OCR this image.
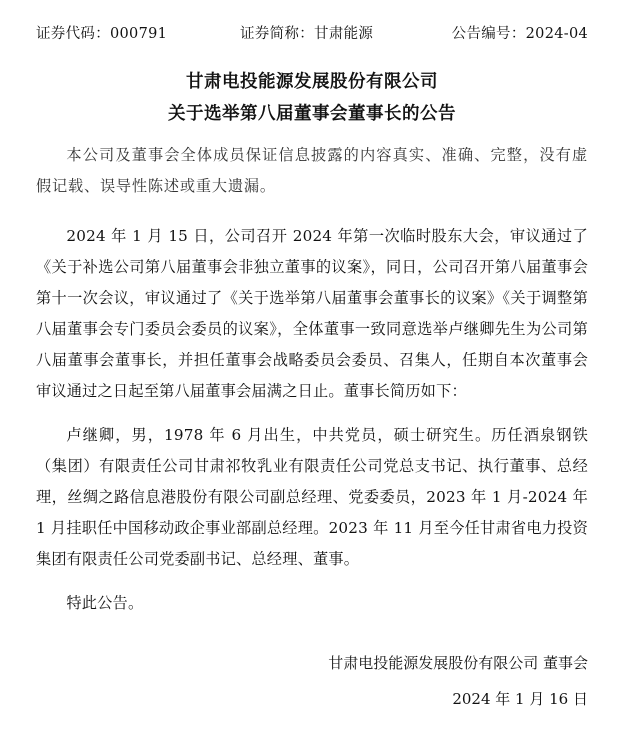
证券代码：000791	证券简称：甘肃能源	公告编号：2024-04
甘肃电投能源发展股份有限公司
关于选举第八届董事会董事长的公告

本公司及董事会全体成员保证信息披露的内容真实、准确、完整，没有虚假记载、误导性陈述或重大遗漏。

2024 年 1 月 15 日，公司召开 2024 年第一次临时股东大会，审议通过了《关于补选公司第八届董事会非独立董事的议案》，同日，公司召开第八届董事会第十一次会议，审议通过了《关于选举第八届董事会董事长的议案》《关于调整第八届董事会专门委员会委员的议案》，全体董事一致同意选举卢继卿先生为公司第八届董事会董事长，并担任董事会战略委员会委员、召集人，任期自本次董事会审议通过之日起至第八届董事会届满之日止。董事长简历如下：

卢继卿，男，1978 年 6 月出生，中共党员，硕士研究生。历任酒泉钢铁（集团）有限责任公司甘肃祁牧乳业有限责任公司党总支书记、执行董事、总经理，丝绸之路信息港股份有限公司副总经理、党委委员，2023 年 1 月-2024 年 1 月挂职任中国移动政企事业部副总经理。2023 年 11 月至今任甘肃省电力投资集团有限责任公司党委副书记、总经理、董事。

特此公告。

甘肃电投能源发展股份有限公司 董事会
2024 年 1 月 16 日
